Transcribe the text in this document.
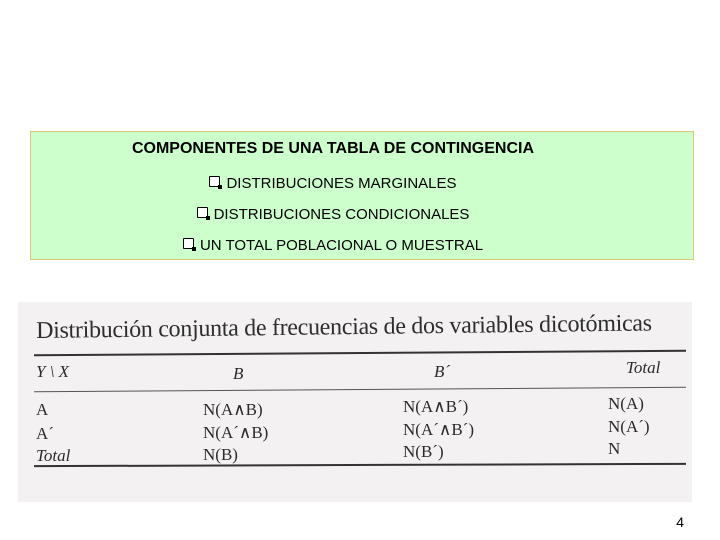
COMPONENTES DE UNA TABLA DE CONTINGENCIA
DISTRIBUCIONES MARGINALES
DISTRIBUCIONES CONDICIONALES
UN TOTAL POBLACIONAL O MUESTRAL
Distribución conjunta de frecuencias de dos variables dicotómicas
Y \ X	B	B´	Total
A	N(A∧B)	N(A∧B´)	N(A)
A´	N(A´∧B)	N(A´∧B´)	N(A´)
Total	N(B)	N(B´)	N
4
